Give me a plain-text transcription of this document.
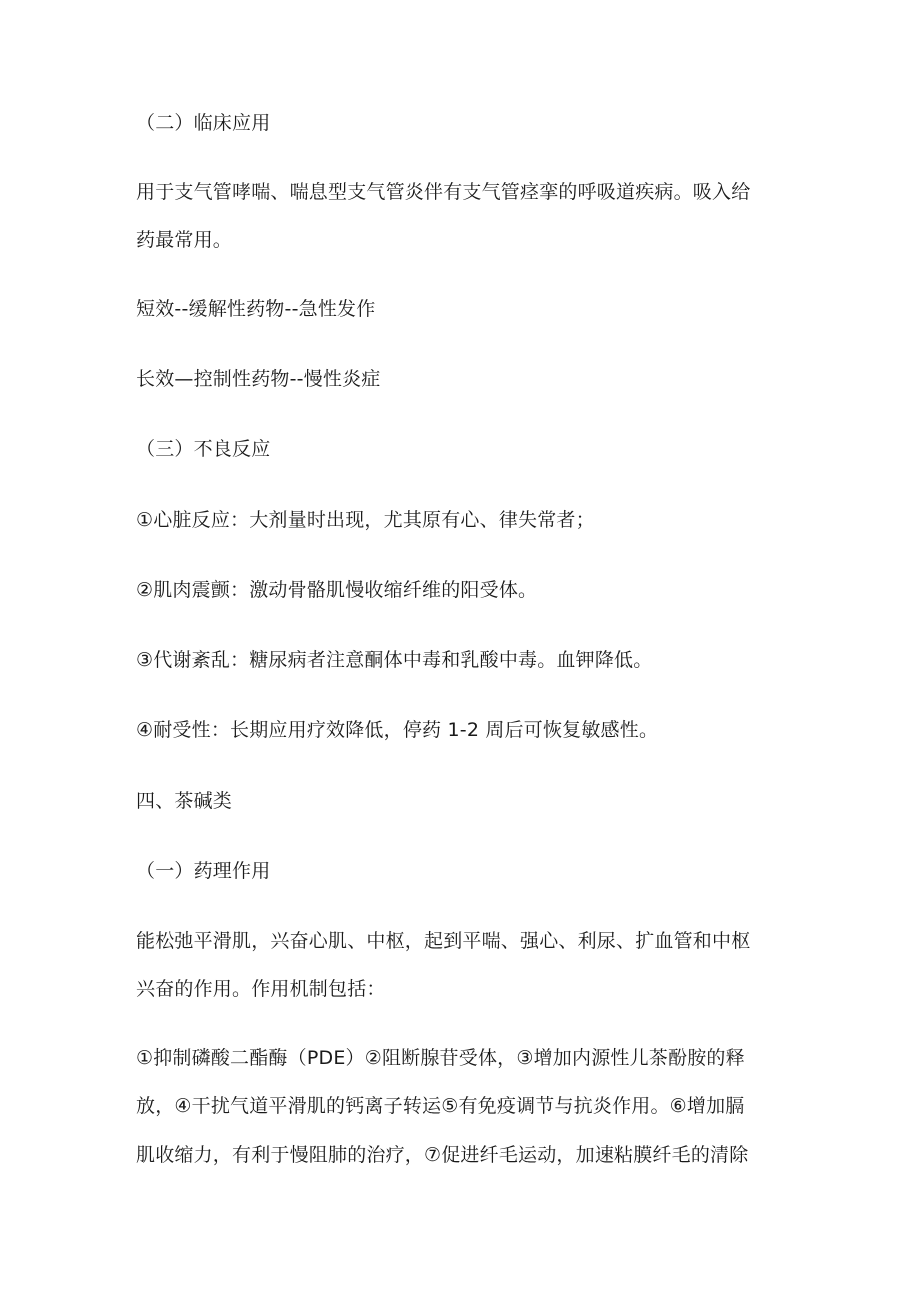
（二）临床应用
用于支气管哮喘、喘息型支气管炎伴有支气管痉挛的呼吸道疾病。吸入给
药最常用。
短效--缓解性药物--急性发作
长效—控制性药物--慢性炎症
（三）不良反应
①心脏反应：大剂量时出现，尤其原有心、律失常者；
②肌肉震颤：激动骨骼肌慢收缩纤维的阳受体。
③代谢紊乱：糖尿病者注意酮体中毒和乳酸中毒。血钾降低。
④耐受性：长期应用疗效降低，停药 1-2 周后可恢复敏感性。
四、茶碱类
（一）药理作用
能松弛平滑肌，兴奋心肌、中枢，起到平喘、强心、利尿、扩血管和中枢
兴奋的作用。作用机制包括：
①抑制磷酸二酯酶（PDE）②阻断腺苷受体，③增加内源性儿茶酚胺的释
放，④干扰气道平滑肌的钙离子转运⑤有免疫调节与抗炎作用。⑥增加膈
肌收缩力，有利于慢阻肺的治疗，⑦促进纤毛运动，加速粘膜纤毛的清除
